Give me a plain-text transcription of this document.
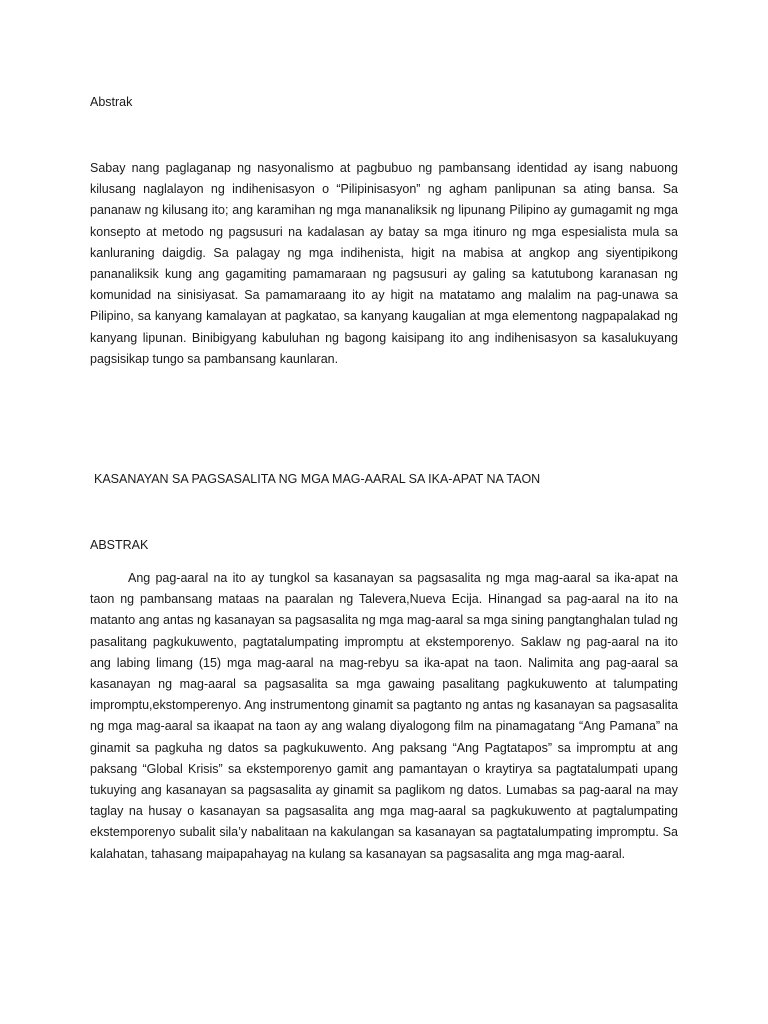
Abstrak

Sabay nang paglaganap ng nasyonalismo at pagbubuo ng pambansang identidad ay isang nabuong kilusang naglalayon ng indihenisasyon o “Pilipinisasyon” ng agham panlipunan sa ating bansa. Sa pananaw ng kilusang ito; ang karamihan ng mga mananaliksik ng lipunang Pilipino ay gumagamit ng mga konsepto at metodo ng pagsusuri na kadalasan ay batay sa mga itinuro ng mga espesialista mula sa kanluraning daigdig. Sa palagay ng mga indihenista, higit na mabisa at angkop ang siyentipikong pananaliksik kung ang gagamiting pamamaraan ng pagsusuri ay galing sa katutubong karanasan ng komunidad na sinisiyasat. Sa pamamaraang ito ay higit na matatamo ang malalim na pag-unawa sa Pilipino, sa kanyang kamalayan at pagkatao, sa kanyang kaugalian at mga elementong nagpapalakad ng kanyang lipunan. Binibigyang kabuluhan ng bagong kaisipang ito ang indihenisasyon sa kasalukuyang pagsisikap tungo sa pambansang kaunlaran.

KASANAYAN SA PAGSASALITA NG MGA MAG-AARAL SA IKA-APAT NA TAON
ABSTRAK

Ang pag-aaral na ito ay tungkol sa kasanayan sa pagsasalita ng mga mag-aaral sa ika-apat na taon ng pambansang mataas na paaralan ng Talevera,Nueva Ecija. Hinangad sa pag-aaral na ito na matanto ang antas ng kasanayan sa pagsasalita ng mga mag-aaral sa mga sining pangtanghalan tulad ng pasalitang pagkukuwento, pagtatalumpating impromptu at ekstemporenyo. Saklaw ng pag-aaral na ito ang labing limang (15) mga mag-aaral na mag-rebyu sa ika-apat na taon. Nalimita ang pag-aaral sa kasanayan ng mag-aaral sa pagsasalita sa mga gawaing pasalitang pagkukuwento at talumpating impromptu,ekstomperenyo. Ang instrumentong ginamit sa pagtanto ng antas ng kasanayan sa pagsasalita ng mga mag-aaral sa ikaapat na taon ay ang walang diyalogong film na pinamagatang “Ang Pamana” na ginamit sa pagkuha ng datos sa pagkukuwento. Ang paksang “Ang Pagtatapos” sa impromptu at ang paksang “Global Krisis” sa ekstemporenyo gamit ang pamantayan o kraytirya sa pagtatalumpati upang tukuying ang kasanayan sa pagsasalita ay ginamit sa paglikom ng datos. Lumabas sa pag-aaral na may taglay na husay o kasanayan sa pagsasalita ang mga mag-aaral sa pagkukuwento at pagtalumpating ekstemporenyo subalit sila’y nabalitaan na kakulangan sa kasanayan sa pagtatalumpating impromptu. Sa kalahatan, tahasang maipapahayag na kulang sa kasanayan sa pagsasalita ang mga mag-aaral.
